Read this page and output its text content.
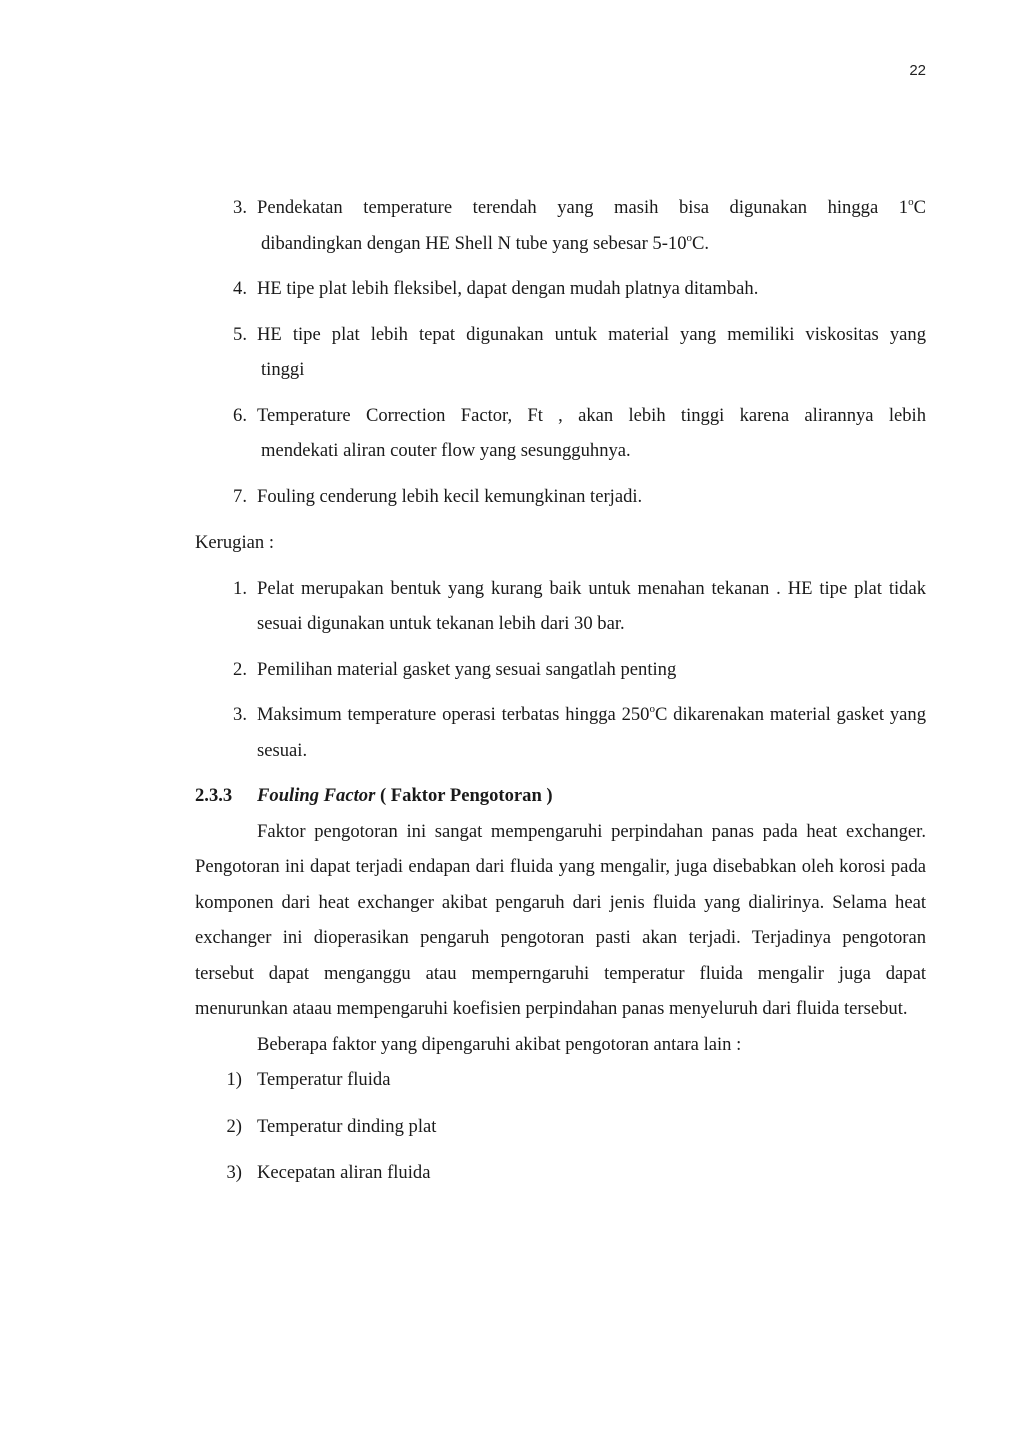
22
3. Pendekatan temperature terendah yang masih bisa digunakan hingga 1$^o$C

dibandingkan dengan HE Shell N tube yang sebesar 5-10$^o$C.

4. HE tipe plat lebih fleksibel, dapat dengan mudah platnya ditambah.

5. HE tipe plat lebih tepat digunakan untuk material yang memiliki viskositas yang

tinggi

6. Temperature Correction Factor, Ft , akan lebih tinggi karena alirannya lebih

mendekati aliran couter flow yang sesungguhnya.

7. Fouling cenderung lebih kecil kemungkinan terjadi.

Kerugian :
1. Pelat merupakan bentuk yang kurang baik untuk menahan tekanan . HE tipe plat tidak sesuai digunakan untuk tekanan lebih dari 30 bar.

2. Pemilihan material gasket yang sesuai sangatlah penting

3. Maksimum temperature operasi terbatas hingga 250$^o$C dikarenakan material gasket yang sesuai.

2.3.3 Fouling Factor ( Faktor Pengotoran )

Faktor pengotoran ini sangat mempengaruhi perpindahan panas pada heat exchanger. Pengotoran ini dapat terjadi endapan dari fluida yang mengalir, juga disebabkan oleh korosi pada komponen dari heat exchanger akibat pengaruh dari jenis fluida yang dialirinya. Selama heat exchanger ini dioperasikan pengaruh pengotoran pasti akan terjadi. Terjadinya pengotoran tersebut dapat menganggu atau memperngaruhi temperatur fluida mengalir juga dapat menurunkan ataau mempengaruhi koefisien perpindahan panas menyeluruh dari fluida tersebut.

Beberapa faktor yang dipengaruhi akibat pengotoran antara lain :

1) Temperatur fluida

2) Temperatur dinding plat

3) Kecepatan aliran fluida
